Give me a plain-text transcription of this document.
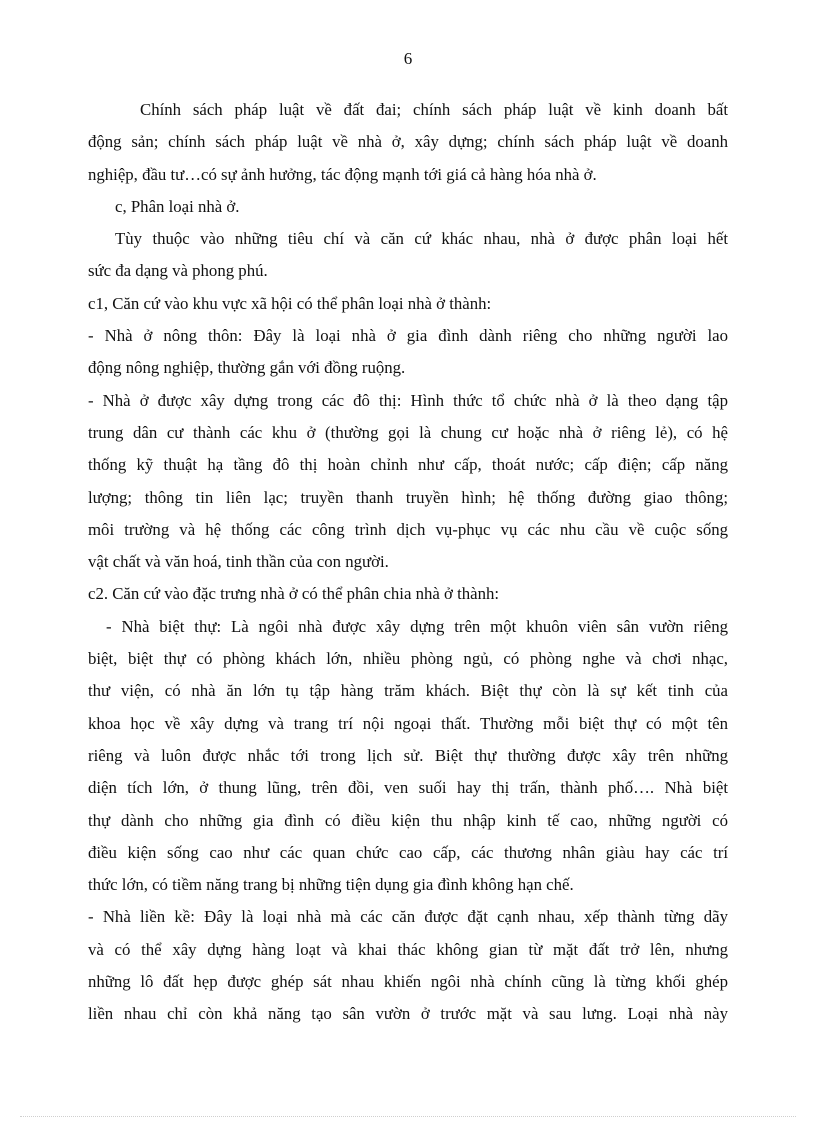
6
Chính sách pháp luật về đất đai; chính sách pháp luật về kinh doanh bất
động sản; chính sách pháp luật về nhà ở, xây dựng; chính sách pháp luật về doanh
nghiệp, đầu tư…có sự ảnh hưởng, tác động mạnh tới giá cả hàng hóa nhà ở.
c, Phân loại nhà ở.
Tùy thuộc vào những tiêu chí và căn cứ khác nhau, nhà ở được phân loại hết
sức đa dạng và phong phú.
c1, Căn cứ vào khu vực xã hội có thể phân loại nhà ở thành:
- Nhà ở nông thôn: Đây là loại nhà ở gia đình dành riêng cho những người lao
động nông nghiệp, thường gắn với đồng ruộng.
- Nhà ở được xây dựng trong các đô thị: Hình thức tổ chức nhà ở là theo dạng tập
trung dân cư thành các khu ở (thường gọi là chung cư hoặc nhà ở riêng lẻ), có hệ
thống kỹ thuật hạ tầng đô thị hoàn chỉnh như cấp, thoát nước; cấp điện; cấp năng
lượng; thông tin liên lạc; truyền thanh truyền hình; hệ thống đường giao thông;
môi trường và hệ thống các công trình dịch vụ-phục vụ các nhu cầu về cuộc sống
vật chất và văn hoá, tinh thần của con người.
c2. Căn cứ vào đặc trưng nhà ở có thể phân chia nhà ở thành:
- Nhà biệt thự: Là ngôi nhà được xây dựng trên một khuôn viên sân vườn riêng
biệt, biệt thự có phòng khách lớn, nhiều phòng ngủ, có phòng nghe và chơi nhạc,
thư viện, có nhà ăn lớn tụ tập hàng trăm khách. Biệt thự còn là sự kết tinh của
khoa học về xây dựng và trang trí nội ngoại thất. Thường mỗi biệt thự có một tên
riêng và luôn được nhắc tới trong lịch sử. Biệt thự thường được xây trên những
diện tích lớn, ở thung lũng, trên đồi, ven suối hay thị trấn, thành phố…. Nhà biệt
thự dành cho những gia đình có điều kiện thu nhập kinh tế cao, những người có
điều kiện sống cao như các quan chức cao cấp, các thương nhân giàu hay các trí
thức lớn, có tiềm năng trang bị những tiện dụng gia đình không hạn chế.
- Nhà liền kề: Đây là loại nhà mà các căn được đặt cạnh nhau, xếp thành từng dãy
và có thể xây dựng hàng loạt và khai thác không gian từ mặt đất trở lên, nhưng
những lô đất hẹp được ghép sát nhau khiến ngôi nhà chính cũng là từng khối ghép
liền nhau chỉ còn khả năng tạo sân vườn ở trước mặt và sau lưng. Loại nhà này
